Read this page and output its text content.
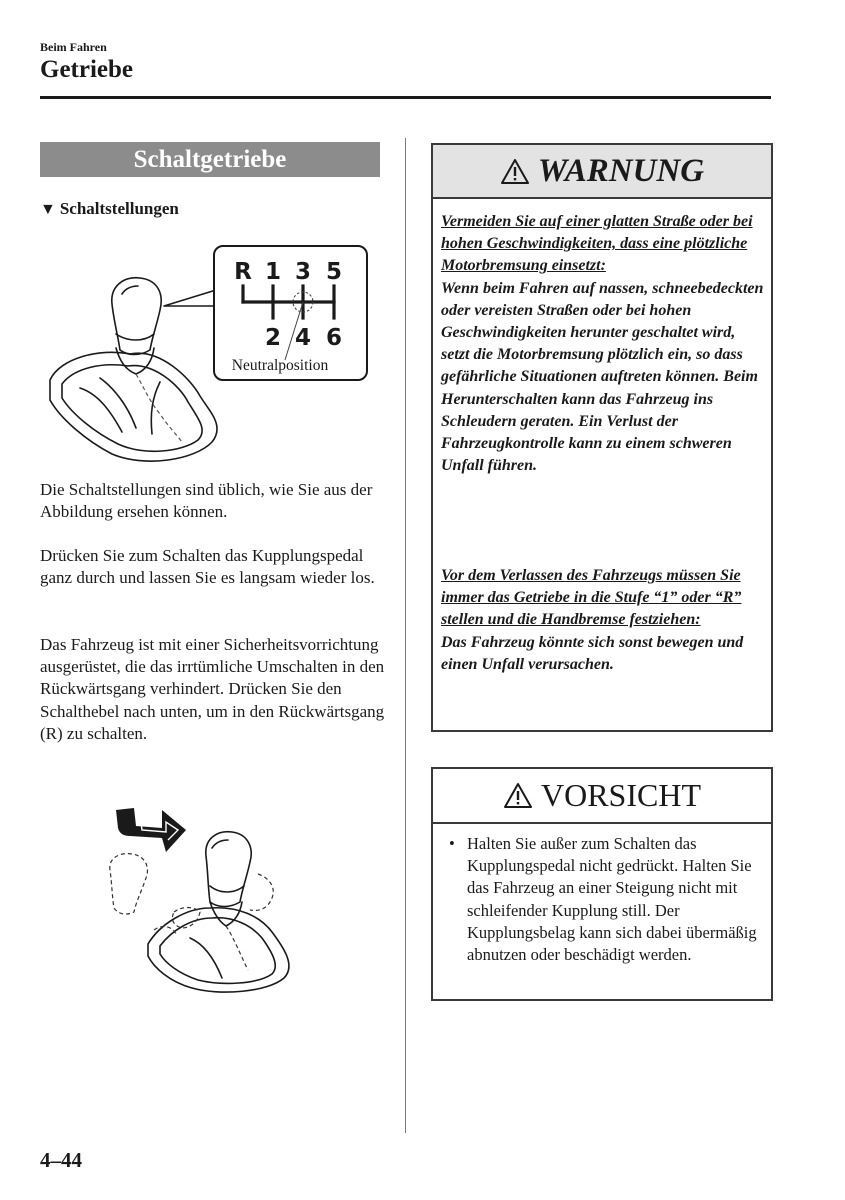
Beim Fahren
Getriebe
Schaltgetriebe
▼ Schaltstellungen
R 1 3 5
2 4 6
Neutralposition

Die Schaltstellungen sind üblich, wie Sie aus der Abbildung ersehen können.

Drücken Sie zum Schalten das Kupplungspedal ganz durch und lassen Sie es langsam wieder los.

Das Fahrzeug ist mit einer Sicherheitsvorrichtung ausgerüstet, die das irrtümliche Umschalten in den Rückwärtsgang verhindert. Drücken Sie den Schalthebel nach unten, um in den Rückwärtsgang (R) zu schalten.

WARNUNG
Vermeiden Sie auf einer glatten Straße oder bei hohen Geschwindigkeiten, dass eine plötzliche Motorbremsung einsetzt:
Wenn beim Fahren auf nassen, schneebedeckten oder vereisten Straßen oder bei hohen Geschwindigkeiten herunter geschaltet wird, setzt die Motorbremsung plötzlich ein, so dass gefährliche Situationen auftreten können. Beim Herunterschalten kann das Fahrzeug ins Schleudern geraten. Ein Verlust der Fahrzeugkontrolle kann zu einem schweren Unfall führen.
Vor dem Verlassen des Fahrzeugs müssen Sie immer das Getriebe in die Stufe “1” oder “R” stellen und die Handbremse festziehen:
Das Fahrzeug könnte sich sonst bewegen und einen Unfall verursachen.
VORSICHT
• Halten Sie außer zum Schalten das Kupplungspedal nicht gedrückt. Halten Sie das Fahrzeug an einer Steigung nicht mit schleifender Kupplung still. Der Kupplungsbelag kann sich dabei übermäßig abnutzen oder beschädigt werden.
4–44
